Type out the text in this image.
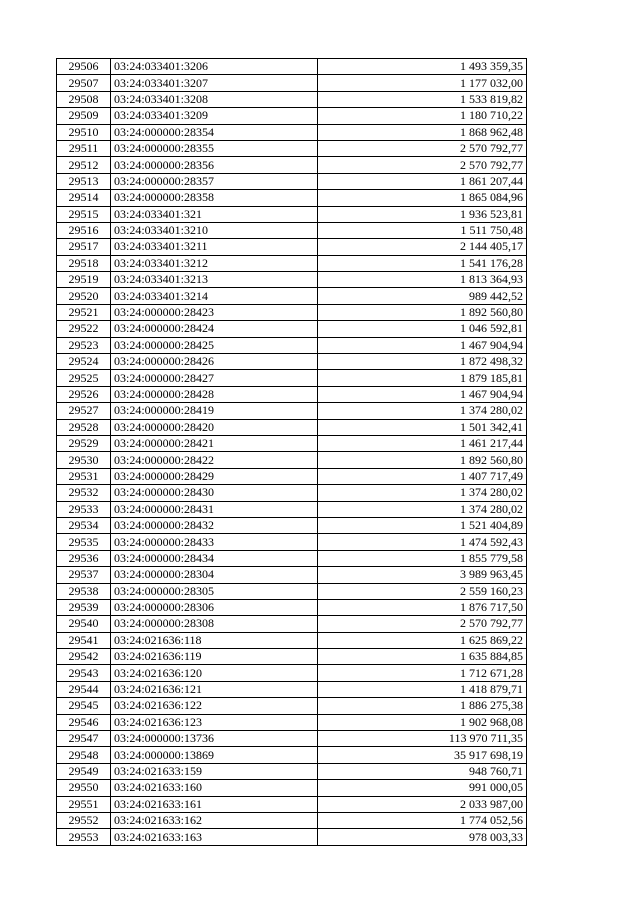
29506	03:24:033401:3206	1 493 359,35
29507	03:24:033401:3207	1 177 032,00
29508	03:24:033401:3208	1 533 819,82
29509	03:24:033401:3209	1 180 710,22
29510	03:24:000000:28354	1 868 962,48
29511	03:24:000000:28355	2 570 792,77
29512	03:24:000000:28356	2 570 792,77
29513	03:24:000000:28357	1 861 207,44
29514	03:24:000000:28358	1 865 084,96
29515	03:24:033401:321	1 936 523,81
29516	03:24:033401:3210	1 511 750,48
29517	03:24:033401:3211	2 144 405,17
29518	03:24:033401:3212	1 541 176,28
29519	03:24:033401:3213	1 813 364,93
29520	03:24:033401:3214	989 442,52
29521	03:24:000000:28423	1 892 560,80
29522	03:24:000000:28424	1 046 592,81
29523	03:24:000000:28425	1 467 904,94
29524	03:24:000000:28426	1 872 498,32
29525	03:24:000000:28427	1 879 185,81
29526	03:24:000000:28428	1 467 904,94
29527	03:24:000000:28419	1 374 280,02
29528	03:24:000000:28420	1 501 342,41
29529	03:24:000000:28421	1 461 217,44
29530	03:24:000000:28422	1 892 560,80
29531	03:24:000000:28429	1 407 717,49
29532	03:24:000000:28430	1 374 280,02
29533	03:24:000000:28431	1 374 280,02
29534	03:24:000000:28432	1 521 404,89
29535	03:24:000000:28433	1 474 592,43
29536	03:24:000000:28434	1 855 779,58
29537	03:24:000000:28304	3 989 963,45
29538	03:24:000000:28305	2 559 160,23
29539	03:24:000000:28306	1 876 717,50
29540	03:24:000000:28308	2 570 792,77
29541	03:24:021636:118	1 625 869,22
29542	03:24:021636:119	1 635 884,85
29543	03:24:021636:120	1 712 671,28
29544	03:24:021636:121	1 418 879,71
29545	03:24:021636:122	1 886 275,38
29546	03:24:021636:123	1 902 968,08
29547	03:24:000000:13736	113 970 711,35
29548	03:24:000000:13869	35 917 698,19
29549	03:24:021633:159	948 760,71
29550	03:24:021633:160	991 000,05
29551	03:24:021633:161	2 033 987,00
29552	03:24:021633:162	1 774 052,56
29553	03:24:021633:163	978 003,33
